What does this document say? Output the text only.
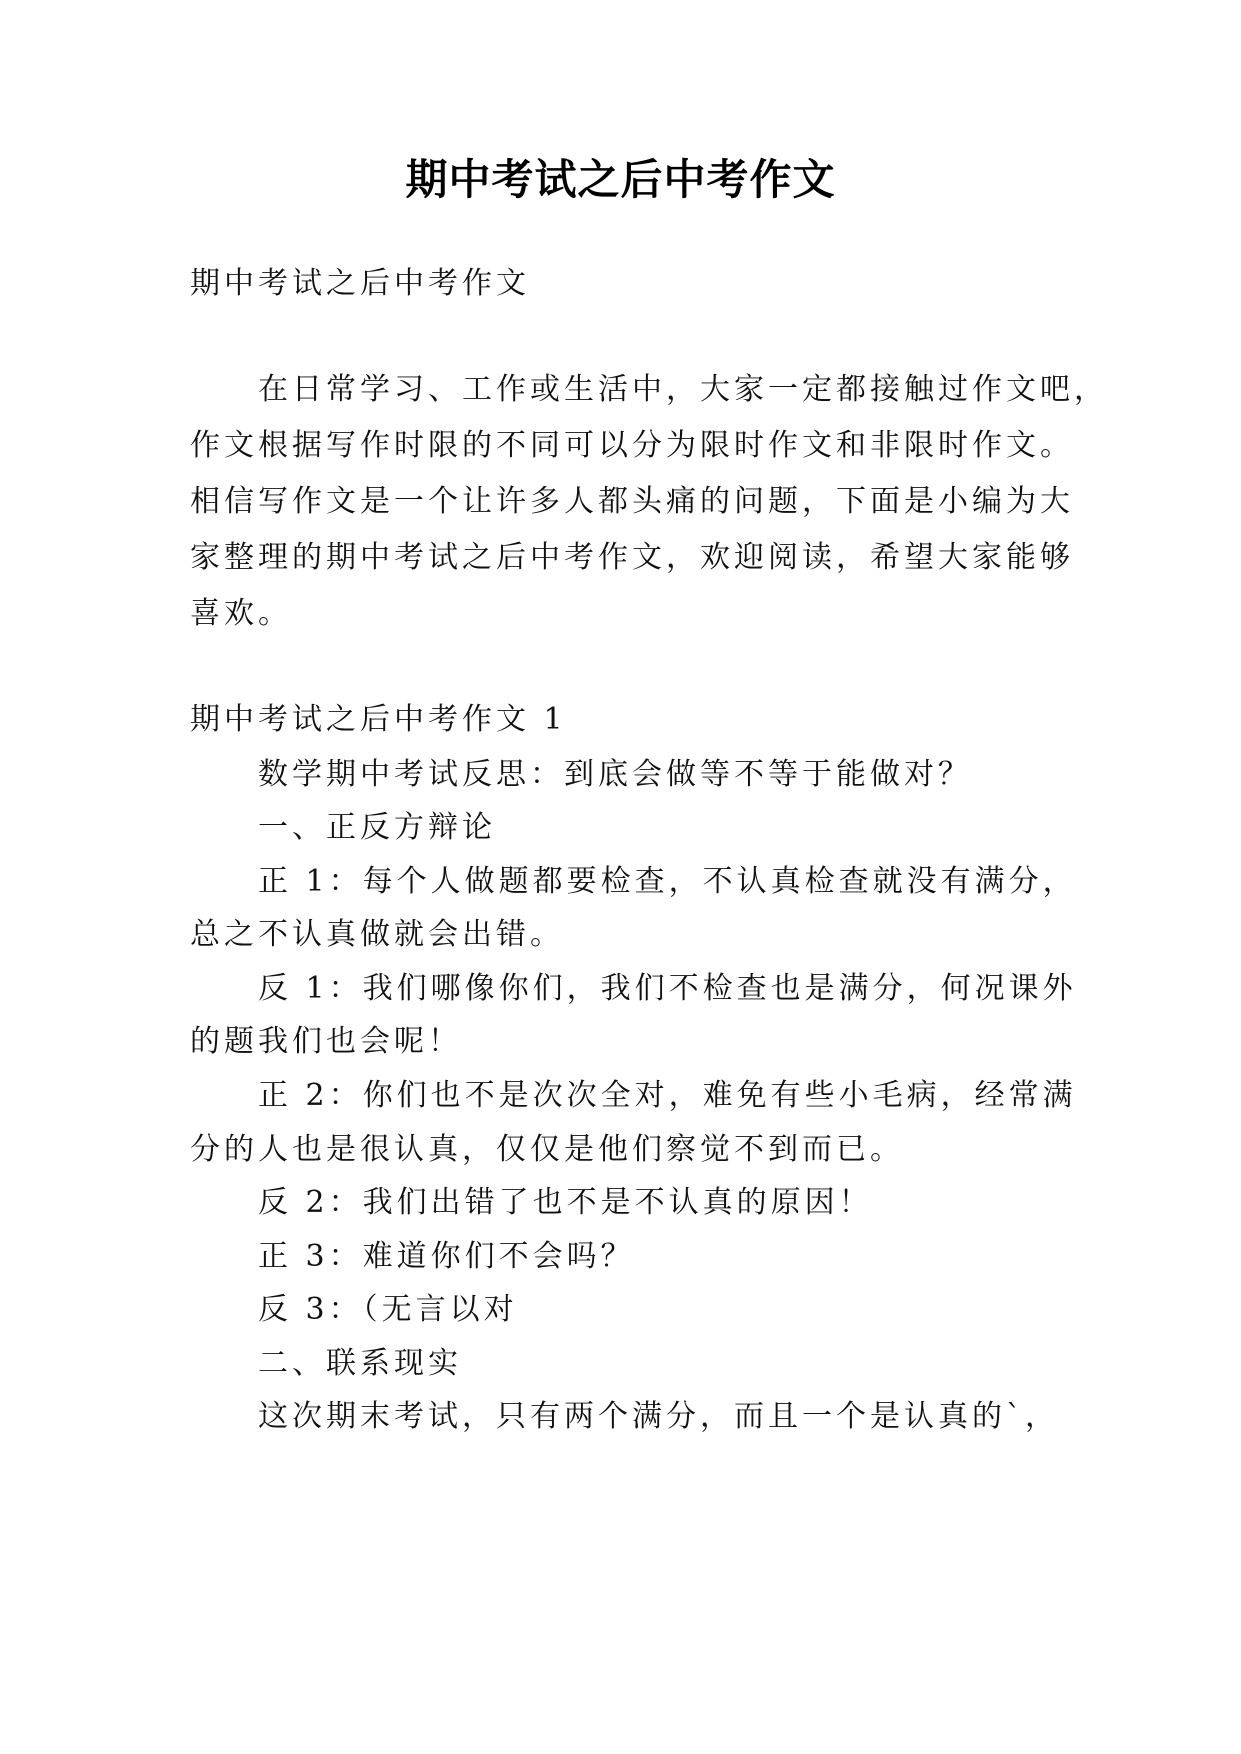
期中考试之后中考作文
期中考试之后中考作文
在日常学习、工作或生活中，大家一定都接触过作文吧，
作文根据写作时限的不同可以分为限时作文和非限时作文。
相信写作文是一个让许多人都头痛的问题，下面是小编为大
家整理的期中考试之后中考作文，欢迎阅读，希望大家能够
喜欢。
期中考试之后中考作文 1
数学期中考试反思：到底会做等不等于能做对？
一、正反方辩论
正 1：每个人做题都要检查，不认真检查就没有满分，
总之不认真做就会出错。
反 1：我们哪像你们，我们不检查也是满分，何况课外
的题我们也会呢！
正 2：你们也不是次次全对，难免有些小毛病，经常满
分的人也是很认真，仅仅是他们察觉不到而已。
反 2：我们出错了也不是不认真的原因！
正 3：难道你们不会吗？
反 3：（无言以对
二、联系现实
这次期末考试，只有两个满分，而且一个是认真的`，
